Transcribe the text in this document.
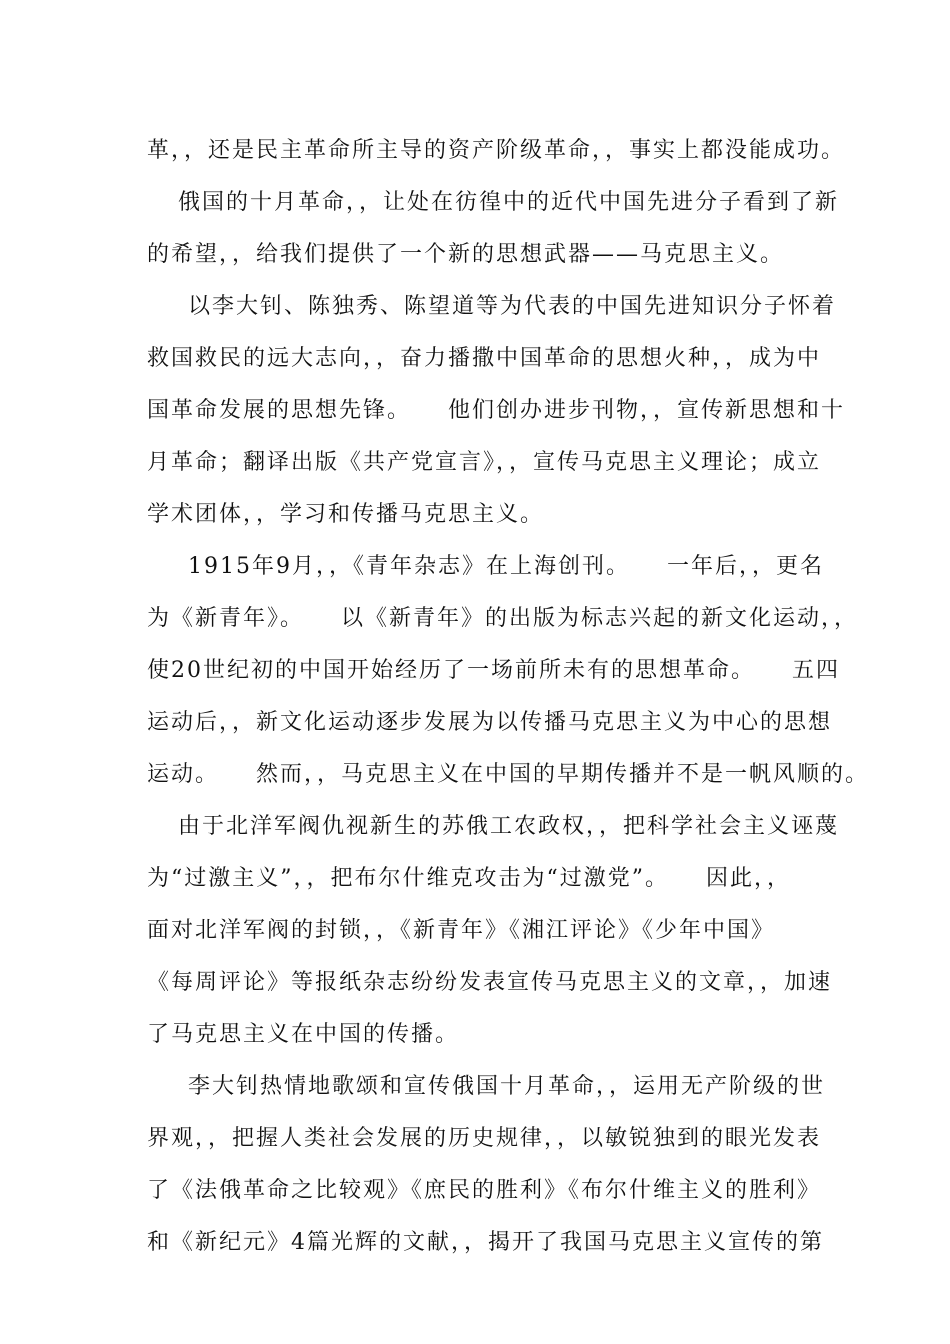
革，，还是民主革命所主导的资产阶级革命，，事实上都没能成功。
俄国的十月革命，，让处在彷徨中的近代中国先进分子看到了新
的希望，，给我们提供了一个新的思想武器——马克思主义。
以李大钊、陈独秀、陈望道等为代表的中国先进知识分子怀着
救国救民的远大志向，，奋力播撒中国革命的思想火种，，成为中
国革命发展的思想先锋。　　他们创办进步刊物，，宣传新思想和十
月革命；翻译出版《共产党宣言》，，宣传马克思主义理论；成立
学术团体，，学习和传播马克思主义。
1915年9月，，《青年杂志》在上海创刊。　　一年后，，更名
为《新青年》。　　以《新青年》的出版为标志兴起的新文化运动，，
使20世纪初的中国开始经历了一场前所未有的思想革命。　　五四
运动后，，新文化运动逐步发展为以传播马克思主义为中心的思想
运动。　　然而，，马克思主义在中国的早期传播并不是一帆风顺的。
由于北洋军阀仇视新生的苏俄工农政权，，把科学社会主义诬蔑
为“过激主义”，，把布尔什维克攻击为“过激党”。　　因此，，
面对北洋军阀的封锁，，《新青年》《湘江评论》《少年中国》
《每周评论》等报纸杂志纷纷发表宣传马克思主义的文章，，加速
了马克思主义在中国的传播。
李大钊热情地歌颂和宣传俄国十月革命，，运用无产阶级的世
界观，，把握人类社会发展的历史规律，，以敏锐独到的眼光发表
了《法俄革命之比较观》《庶民的胜利》《布尔什维主义的胜利》
和《新纪元》4篇光辉的文献，，揭开了我国马克思主义宣传的第
